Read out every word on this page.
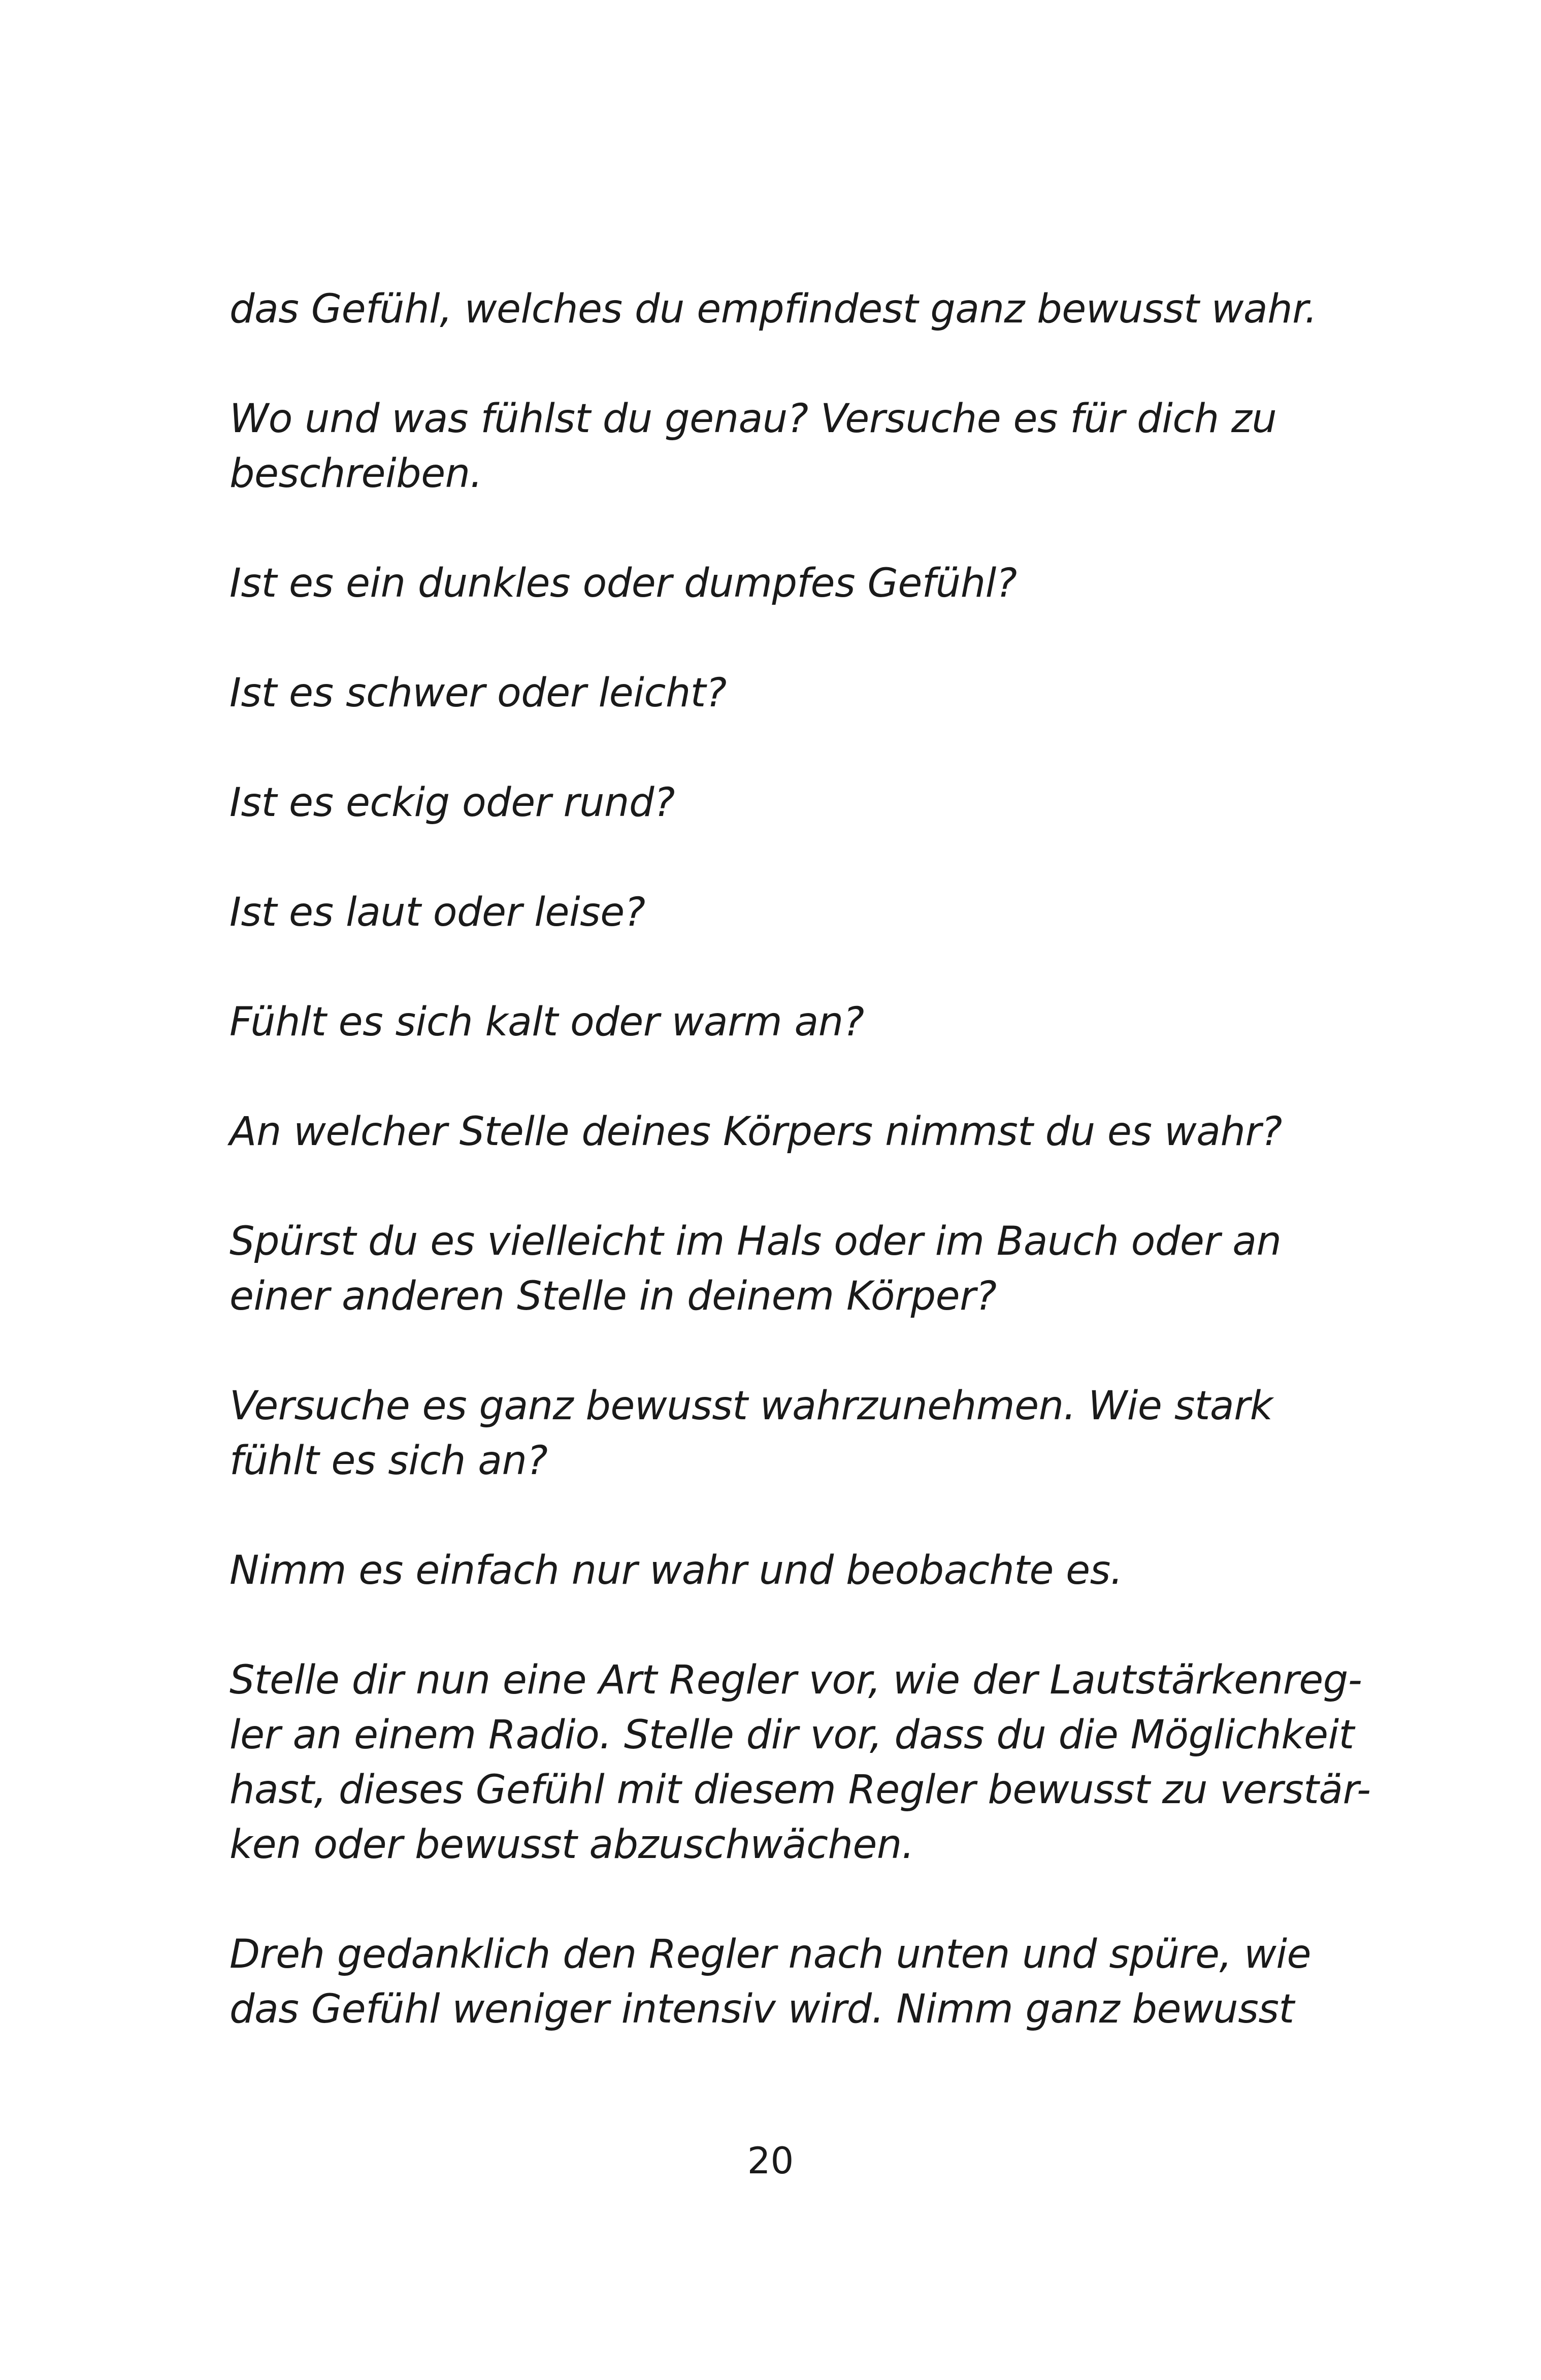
das Gefühl, welches du empfindest ganz bewusst wahr.

Wo und was fühlst du genau? Versuche es für dich zu
beschreiben.

Ist es ein dunkles oder dumpfes Gefühl?

Ist es schwer oder leicht?

Ist es eckig oder rund?

Ist es laut oder leise?

Fühlt es sich kalt oder warm an?

An welcher Stelle deines Körpers nimmst du es wahr?

Spürst du es vielleicht im Hals oder im Bauch oder an
einer anderen Stelle in deinem Körper?

Versuche es ganz bewusst wahrzunehmen. Wie stark
fühlt es sich an?

Nimm es einfach nur wahr und beobachte es.

Stelle dir nun eine Art Regler vor, wie der Lautstärkenreg-
ler an einem Radio. Stelle dir vor, dass du die Möglichkeit
hast, dieses Gefühl mit diesem Regler bewusst zu verstär-
ken oder bewusst abzuschwächen.

Dreh gedanklich den Regler nach unten und spüre, wie
das Gefühl weniger intensiv wird. Nimm ganz bewusst

20
